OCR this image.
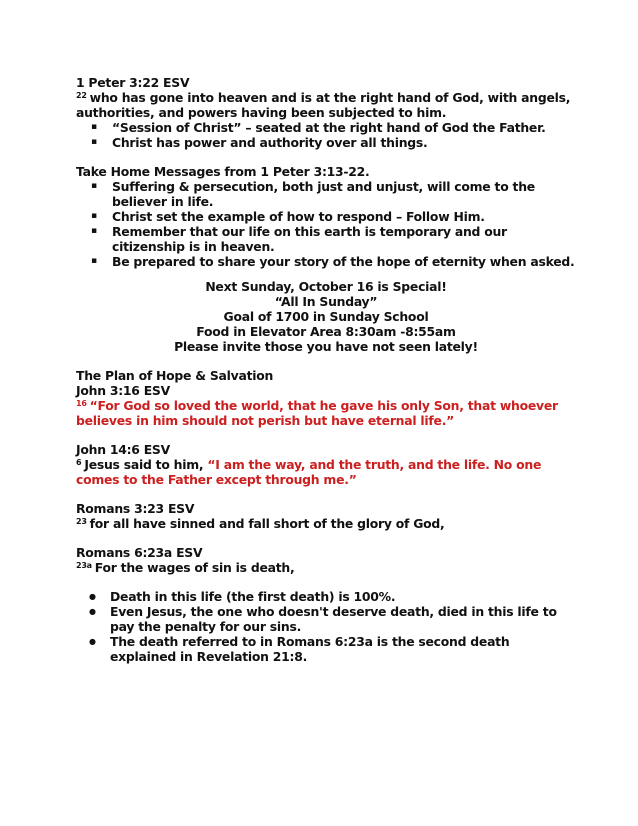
1 Peter 3:22 ESV

$^{22}$ who has gone into heaven and is at the right hand of God, with angels, authorities, and powers having been subjected to him.

▪ “Session of Christ” – seated at the right hand of God the Father.
▪ Christ has power and authority over all things.

Take Home Messages from 1 Peter 3:13-22.

▪ Suffering & persecution, both just and unjust, will come to the believer in life.
▪ Christ set the example of how to respond – Follow Him.
▪ Remember that our life on this earth is temporary and our citizenship is in heaven.
▪ Be prepared to share your story of the hope of eternity when asked.

Next Sunday, October 16 is Special!

“All In Sunday”

Goal of 1700 in Sunday School

Food in Elevator Area 8:30am -8:55am

Please invite those you have not seen lately!

The Plan of Hope & Salvation

John 3:16 ESV

$^{16}$ “For God so loved the world, that he gave his only Son, that whoever believes in him should not perish but have eternal life.”

John 14:6 ESV

$^6$ Jesus said to him, “I am the way, and the truth, and the life. No one comes to the Father except through me.”

Romans 3:23 ESV

$^{23}$ for all have sinned and fall short of the glory of God,

Romans 6:23a ESV

$^{23a}$ For the wages of sin is death,

● Death in this life (the first death) is 100%.
● Even Jesus, the one who doesn't deserve death, died in this life to pay the penalty for our sins.
● The death referred to in Romans 6:23a is the second death explained in Revelation 21:8.
